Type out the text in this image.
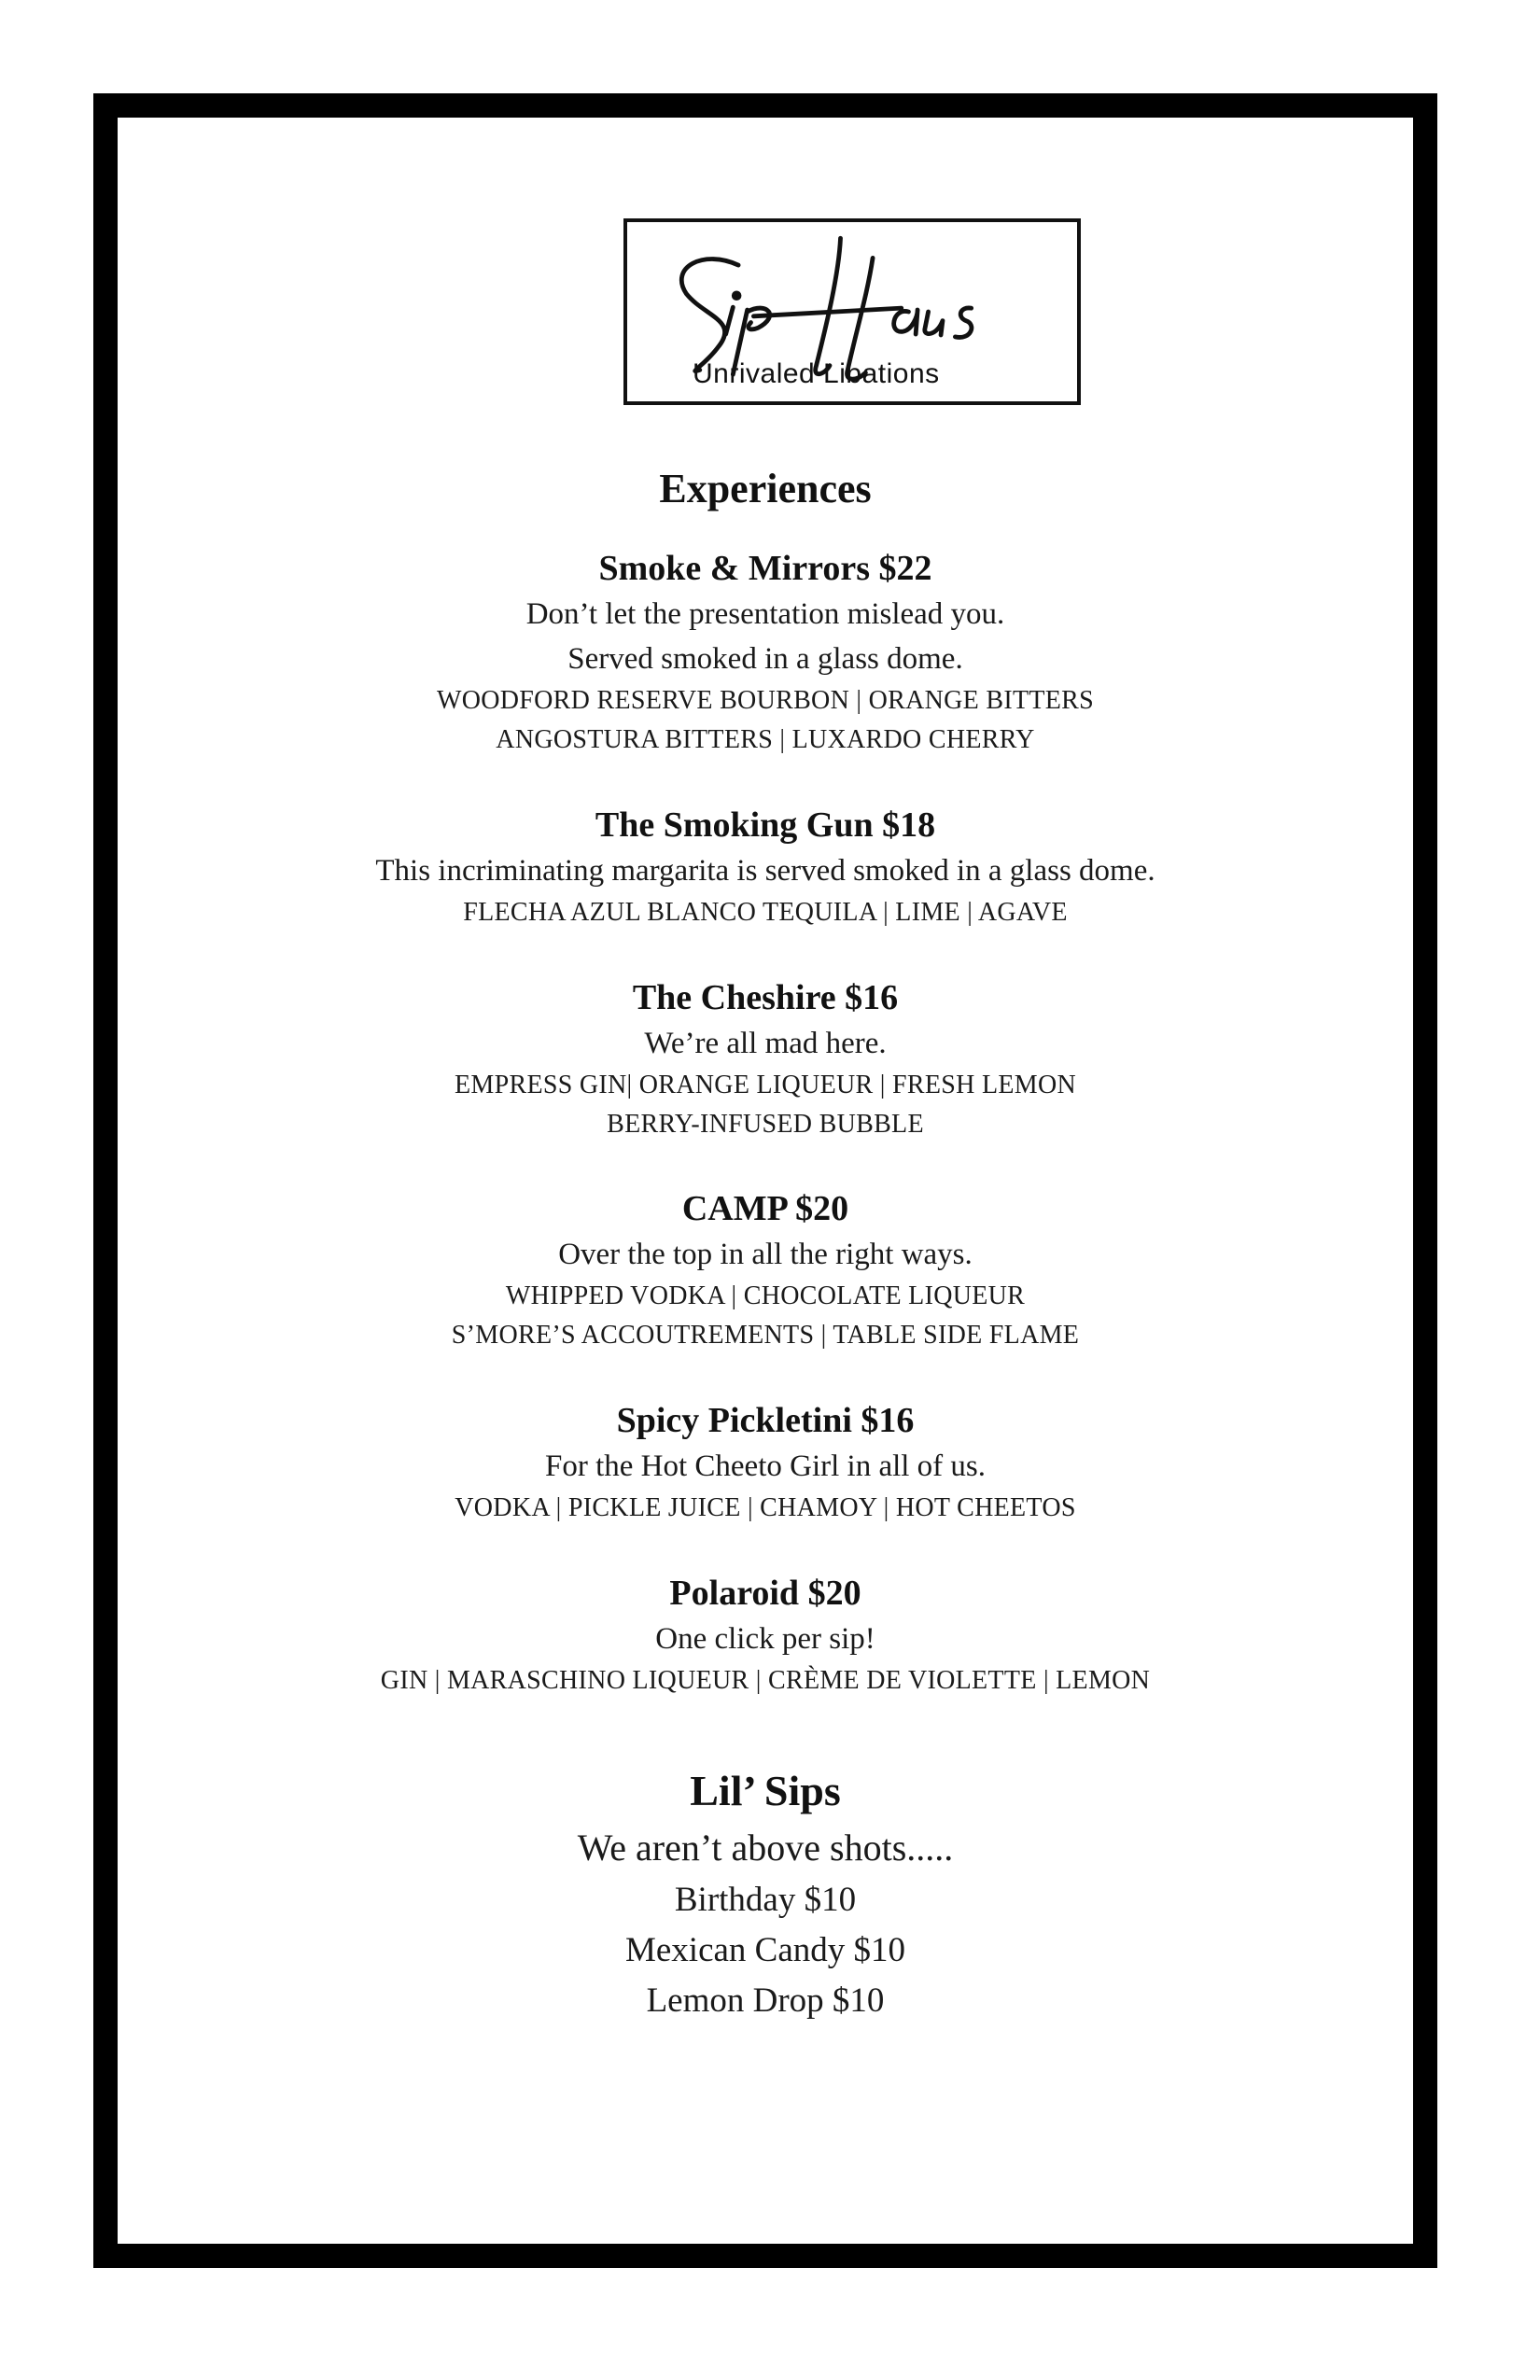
Unrivaled Libations
Experiences
Smoke & Mirrors $22
Don’t let the presentation mislead you.
Served smoked in a glass dome.
WOODFORD RESERVE BOURBON | ORANGE BITTERS
ANGOSTURA BITTERS | LUXARDO CHERRY
The Smoking Gun $18
This incriminating margarita is served smoked in a glass dome.
FLECHA AZUL BLANCO TEQUILA | LIME | AGAVE
The Cheshire $16
We’re all mad here.
EMPRESS GIN| ORANGE LIQUEUR | FRESH LEMON
BERRY-INFUSED BUBBLE
CAMP $20
Over the top in all the right ways.
WHIPPED VODKA | CHOCOLATE LIQUEUR
S’MORE’S ACCOUTREMENTS | TABLE SIDE FLAME
Spicy Pickletini $16
For the Hot Cheeto Girl in all of us.
VODKA | PICKLE JUICE | CHAMOY | HOT CHEETOS
Polaroid $20
One click per sip!
GIN | MARASCHINO LIQUEUR | CRÈME DE VIOLETTE | LEMON
Lil’ Sips
We aren’t above shots.....
Birthday $10
Mexican Candy $10
Lemon Drop $10
